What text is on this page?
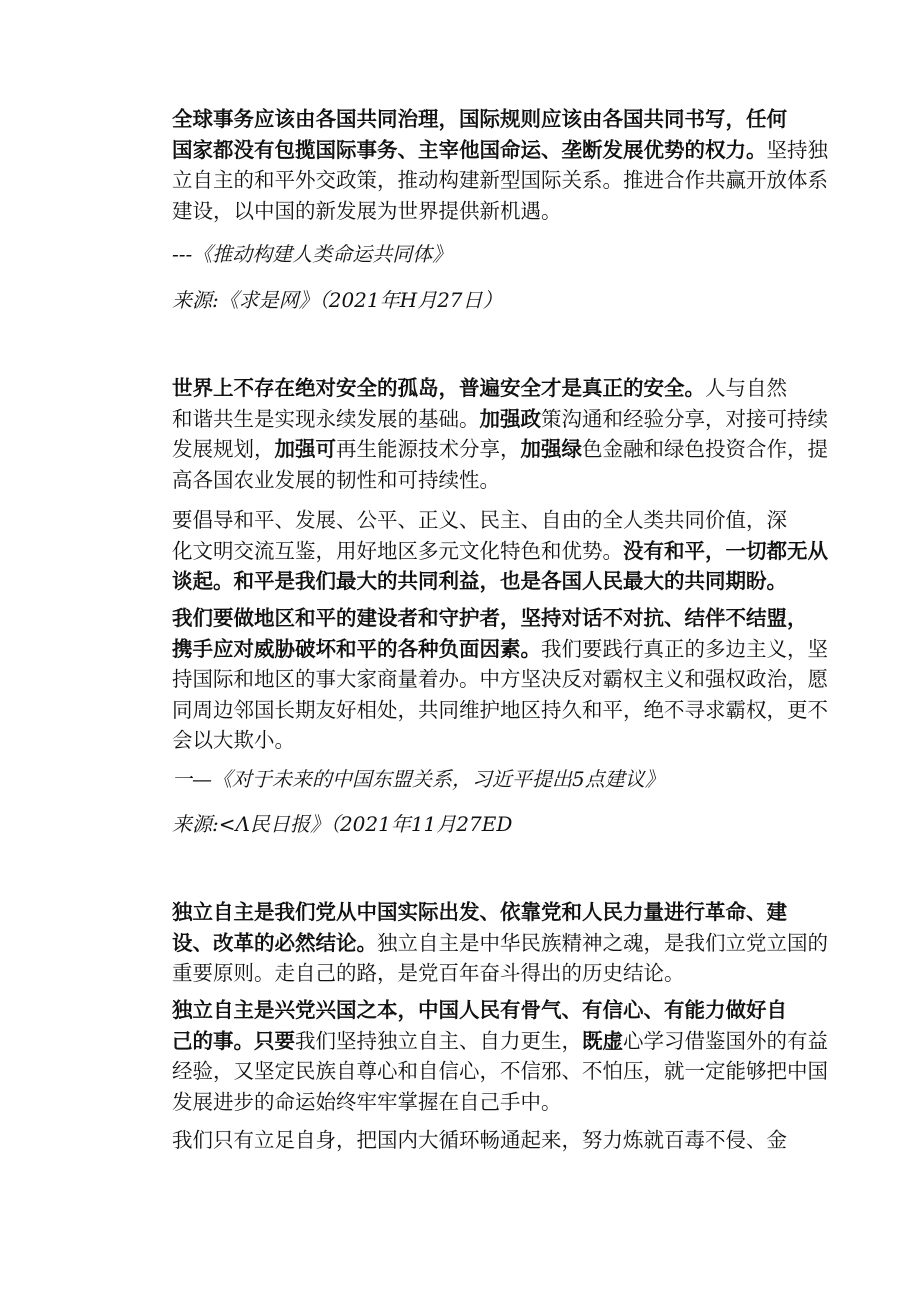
全球事务应该由各国共同治理，国际规则应该由各国共同书写，任何
国家都没有包揽国际事务、主宰他国命运、垄断发展优势的权力。坚持独
立自主的和平外交政策，推动构建新型国际关系。推进合作共赢开放体系
建设，以中国的新发展为世界提供新机遇。
---《推动构建人类命运共同体》
来源:《求是网》（2021年H月27日）
世界上不存在绝对安全的孤岛，普遍安全才是真正的安全。人与自然
和谐共生是实现永续发展的基础。加强政策沟通和经验分享，对接可持续
发展规划，加强可再生能源技术分享，加强绿色金融和绿色投资合作，提
高各国农业发展的韧性和可持续性。
要倡导和平、发展、公平、正义、民主、自由的全人类共同价值，深
化文明交流互鉴，用好地区多元文化特色和优势。没有和平，一切都无从
谈起。和平是我们最大的共同利益，也是各国人民最大的共同期盼。
我们要做地区和平的建设者和守护者，坚持对话不对抗、结伴不结盟，
携手应对威胁破坏和平的各种负面因素。我们要践行真正的多边主义，坚
持国际和地区的事大家商量着办。中方坚决反对霸权主义和强权政治，愿
同周边邻国长期友好相处，共同维护地区持久和平，绝不寻求霸权，更不
会以大欺小。
一—《对于未来的中国东盟关系，习近平提出5点建议》
来源:<Λ民日报》（2021年11月27ED
独立自主是我们党从中国实际出发、依靠党和人民力量进行革命、建
设、改革的必然结论。独立自主是中华民族精神之魂，是我们立党立国的
重要原则。走自己的路，是党百年奋斗得出的历史结论。
独立自主是兴党兴国之本，中国人民有骨气、有信心、有能力做好自
己的事。只要我们坚持独立自主、自力更生，既虚心学习借鉴国外的有益
经验，又坚定民族自尊心和自信心，不信邪、不怕压，就一定能够把中国
发展进步的命运始终牢牢掌握在自己手中。
我们只有立足自身，把国内大循环畅通起来，努力炼就百毒不侵、金
